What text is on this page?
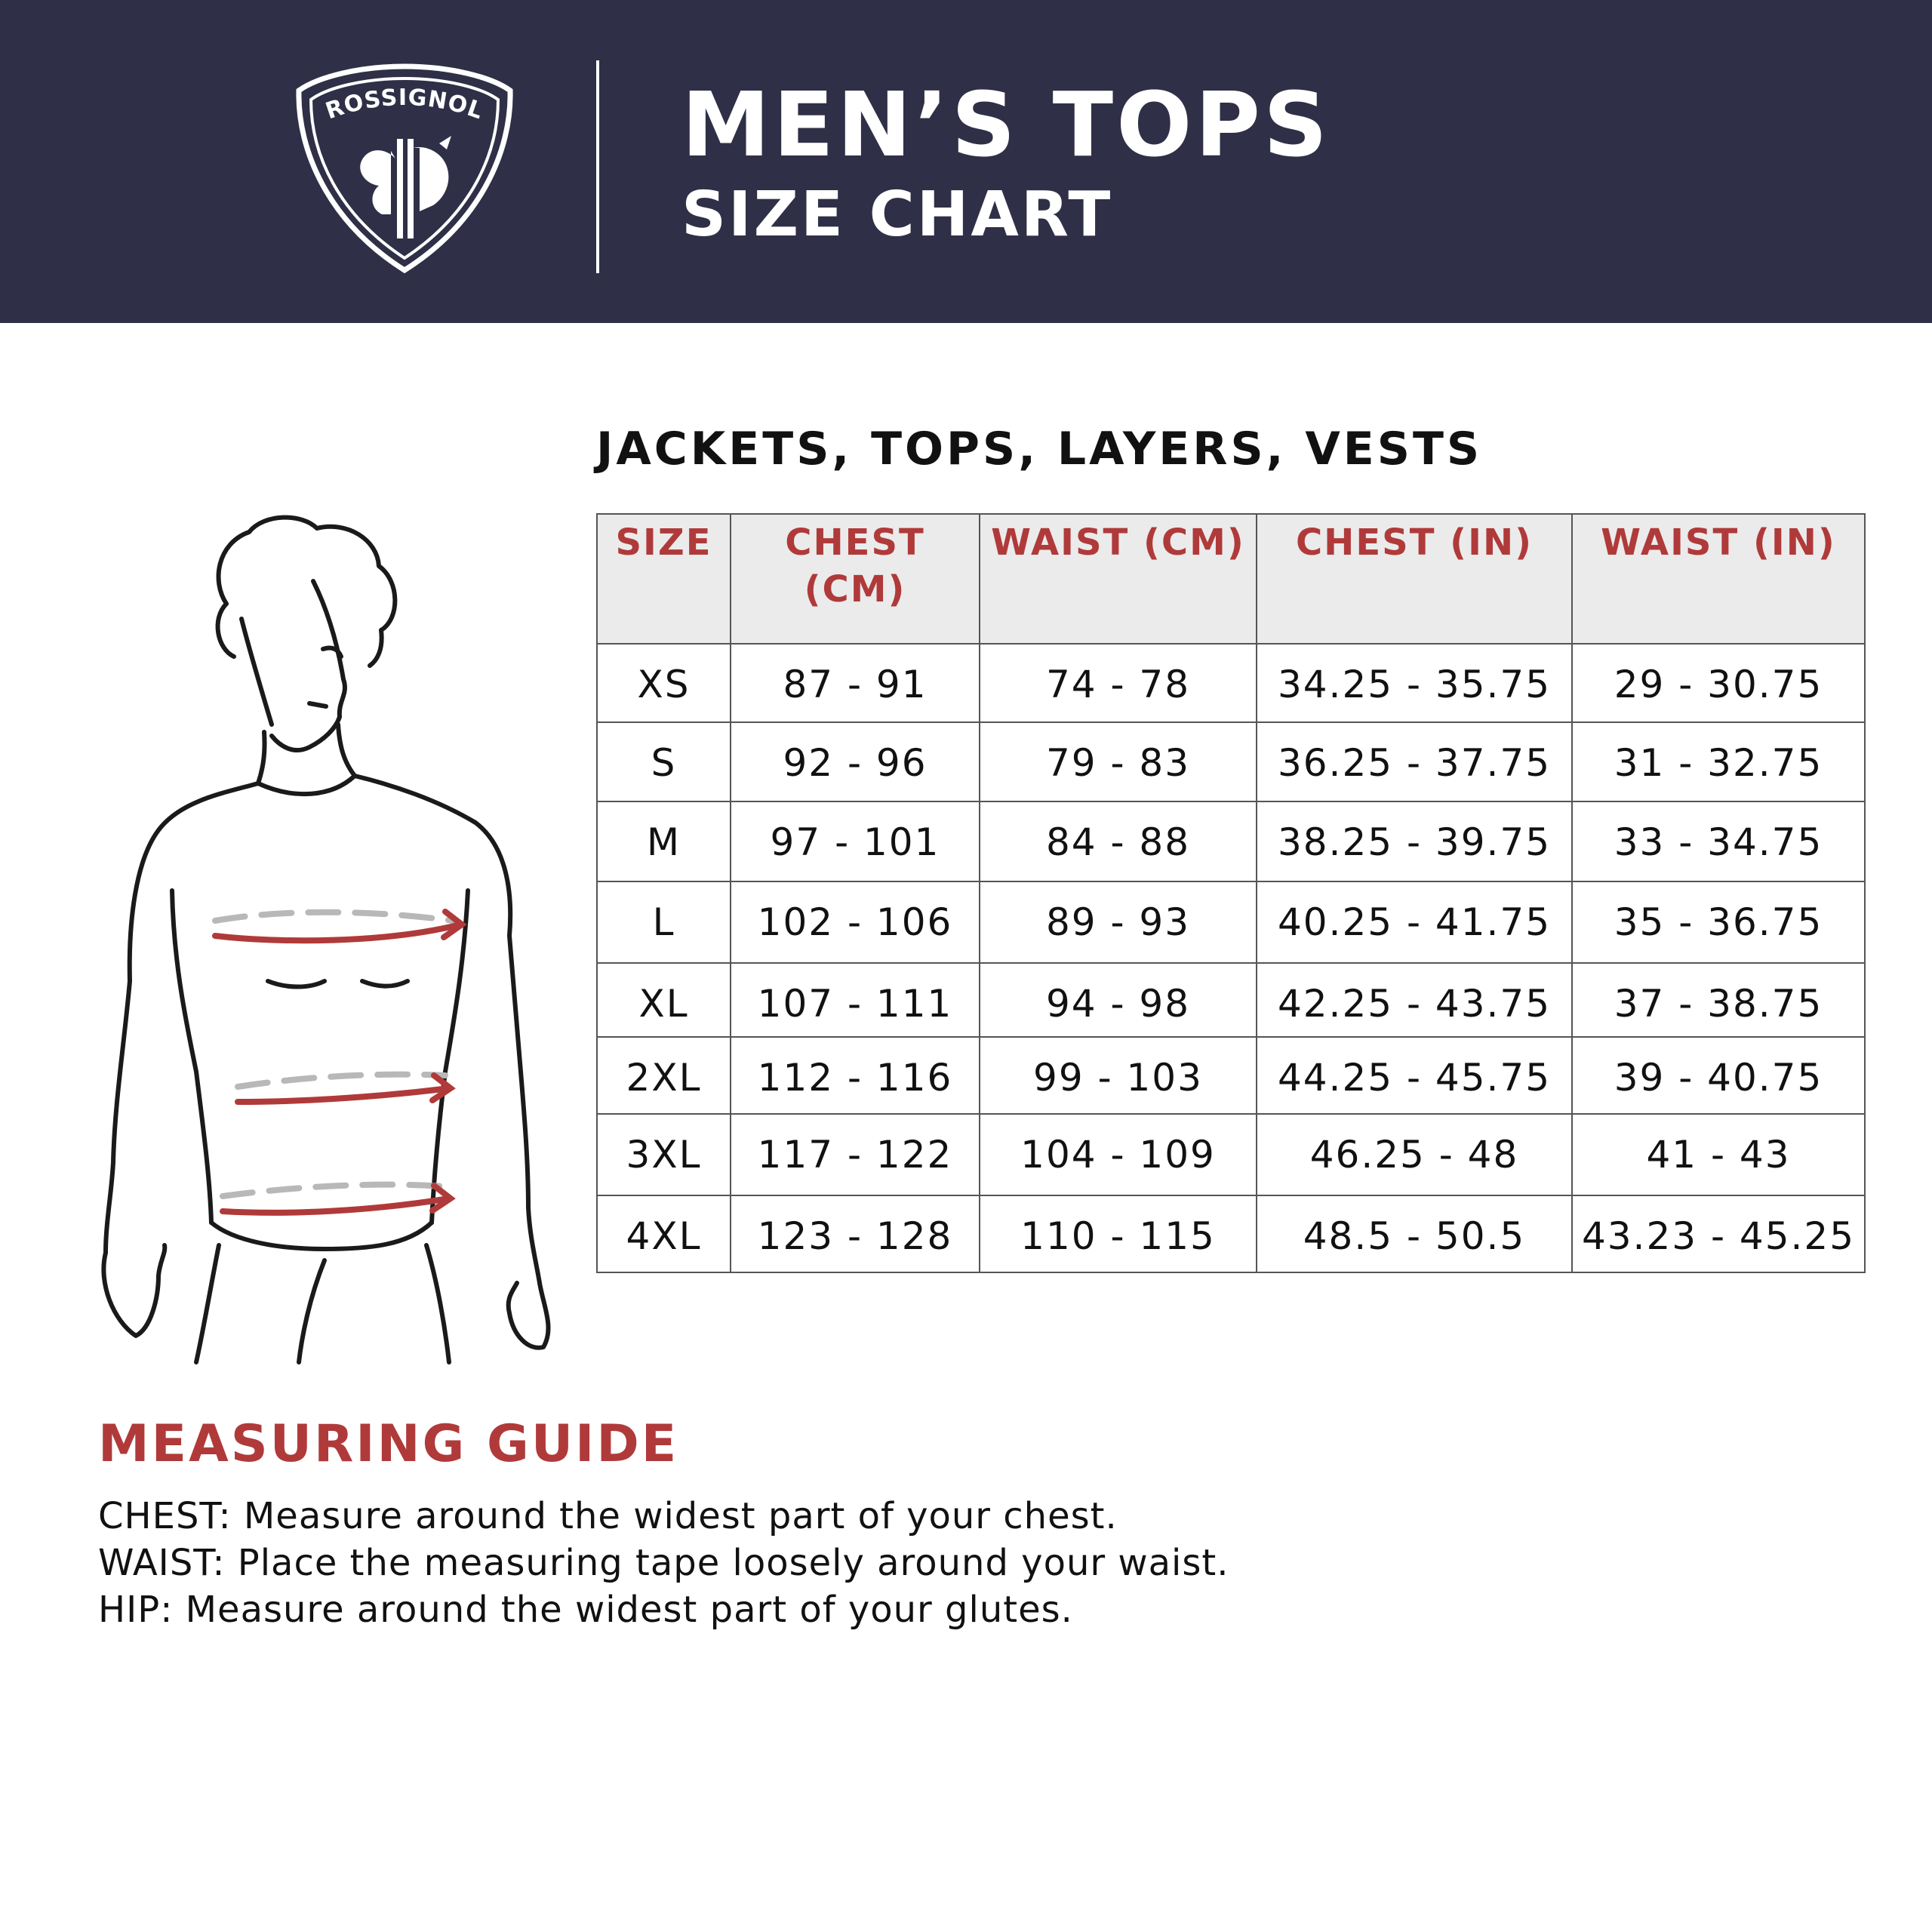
ROSSIGNOL MEN’S TOPS
SIZE CHART
JACKETS, TOPS, LAYERS, VESTS
SIZE	CHEST (CM)	WAIST (CM)	CHEST (IN)	WAIST (IN)
XS	87 - 91	74 - 78	34.25 - 35.75	29 - 30.75
S	92 - 96	79 - 83	36.25 - 37.75	31 - 32.75
M	97 - 101	84 - 88	38.25 - 39.75	33 - 34.75
L	102 - 106	89 - 93	40.25 - 41.75	35 - 36.75
XL	107 - 111	94 - 98	42.25 - 43.75	37 - 38.75
2XL	112 - 116	99 - 103	44.25 - 45.75	39 - 40.75
3XL	117 - 122	104 - 109	46.25 - 48	41 - 43
4XL	123 - 128	110 - 115	48.5 - 50.5	43.23 - 45.25
MEASURING GUIDE
CHEST: Measure around the widest part of your chest.
WAIST: Place the measuring tape loosely around your waist.
HIP: Measure around the widest part of your glutes.
